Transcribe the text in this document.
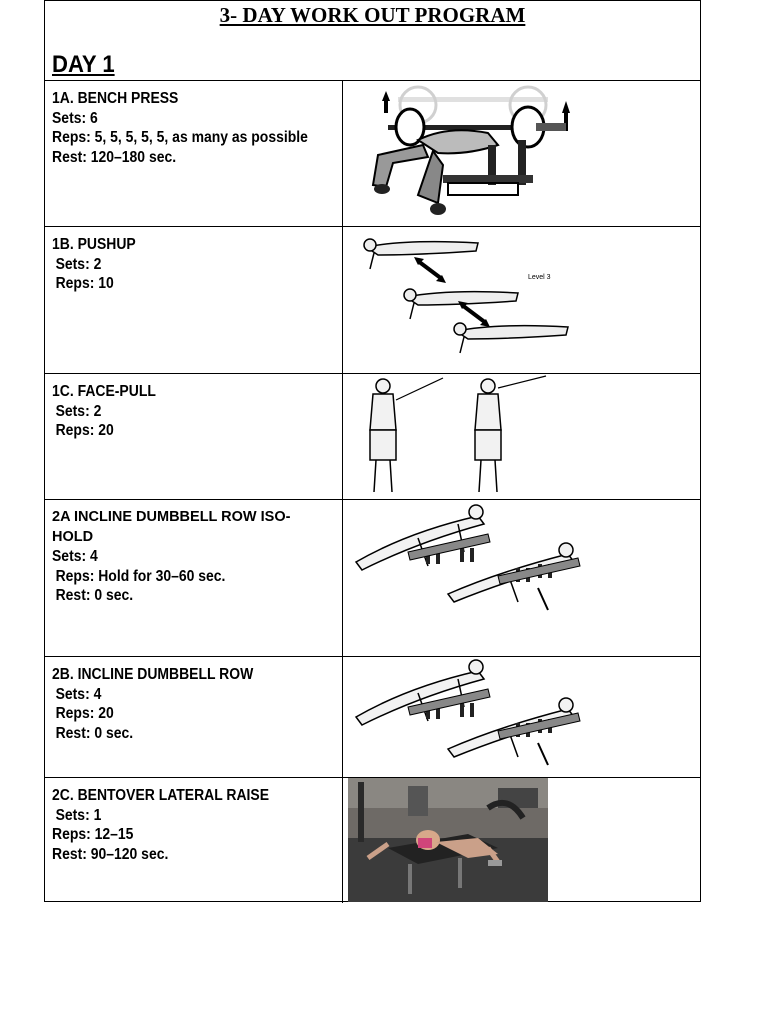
3- DAY WORK OUT PROGRAM
DAY 1
1A. BENCH PRESS
Sets: 6
Reps: 5, 5, 5, 5, 5, as many as possible
Rest: 120–180 sec.
1B. PUSHUP
Sets: 2
Reps: 10	Level 3
1C. FACE-PULL
Sets: 2
Reps: 20
2A INCLINE DUMBBELL ROW ISO-HOLD
Sets: 4
Reps: Hold for 30–60 sec.
Rest: 0 sec.
2B. INCLINE DUMBBELL ROW
Sets: 4
Reps: 20
Rest: 0 sec.
2C. BENTOVER LATERAL RAISE
Sets: 1
Reps: 12–15
Rest: 90–120 sec.
